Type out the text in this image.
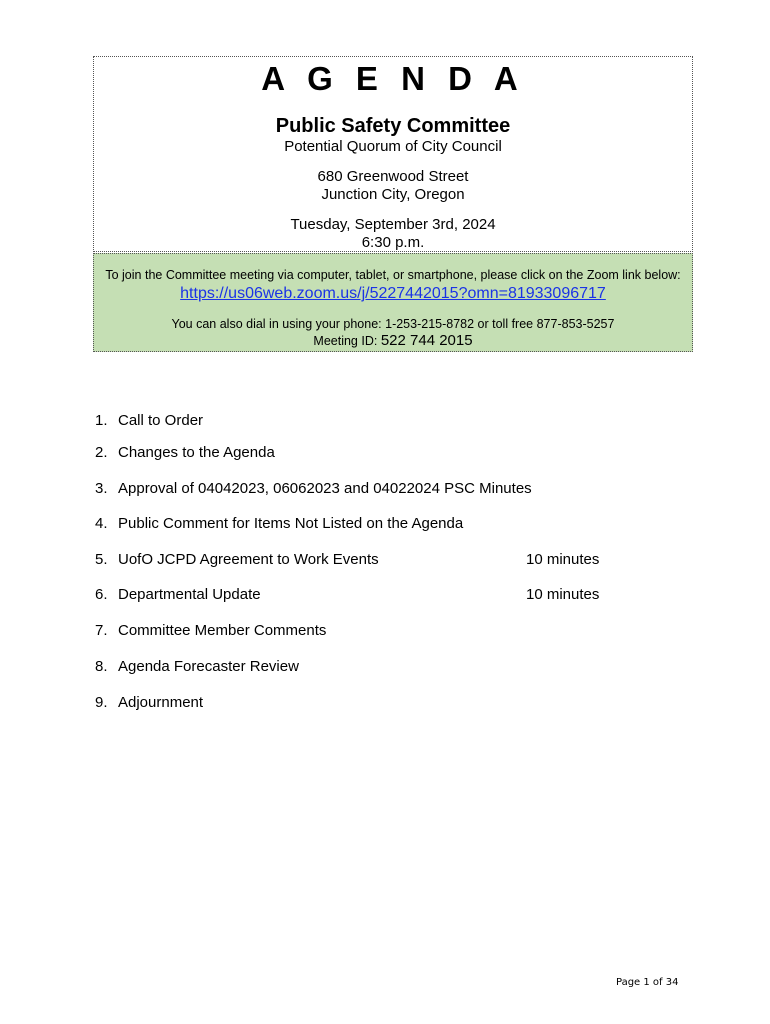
A G E N D A
Public Safety Committee
Potential Quorum of City Council
680 Greenwood Street
Junction City, Oregon
Tuesday, September 3rd, 2024
6:30 p.m.
To join the Committee meeting via computer, tablet, or smartphone, please click on the Zoom link below:
https://us06web.zoom.us/j/5227442015?omn=81933096717
You can also dial in using your phone: 1-253-215-8782 or toll free 877-853-5257
Meeting ID: 522 744 2015
1. Call to Order
2. Changes to the Agenda
3. Approval of 04042023, 06062023 and 04022024 PSC Minutes
4. Public Comment for Items Not Listed on the Agenda
5. UofO JCPD Agreement to Work Events	10 minutes
6. Departmental Update	10 minutes
7. Committee Member Comments
8. Agenda Forecaster Review
9. Adjournment
Page 1 of 34
